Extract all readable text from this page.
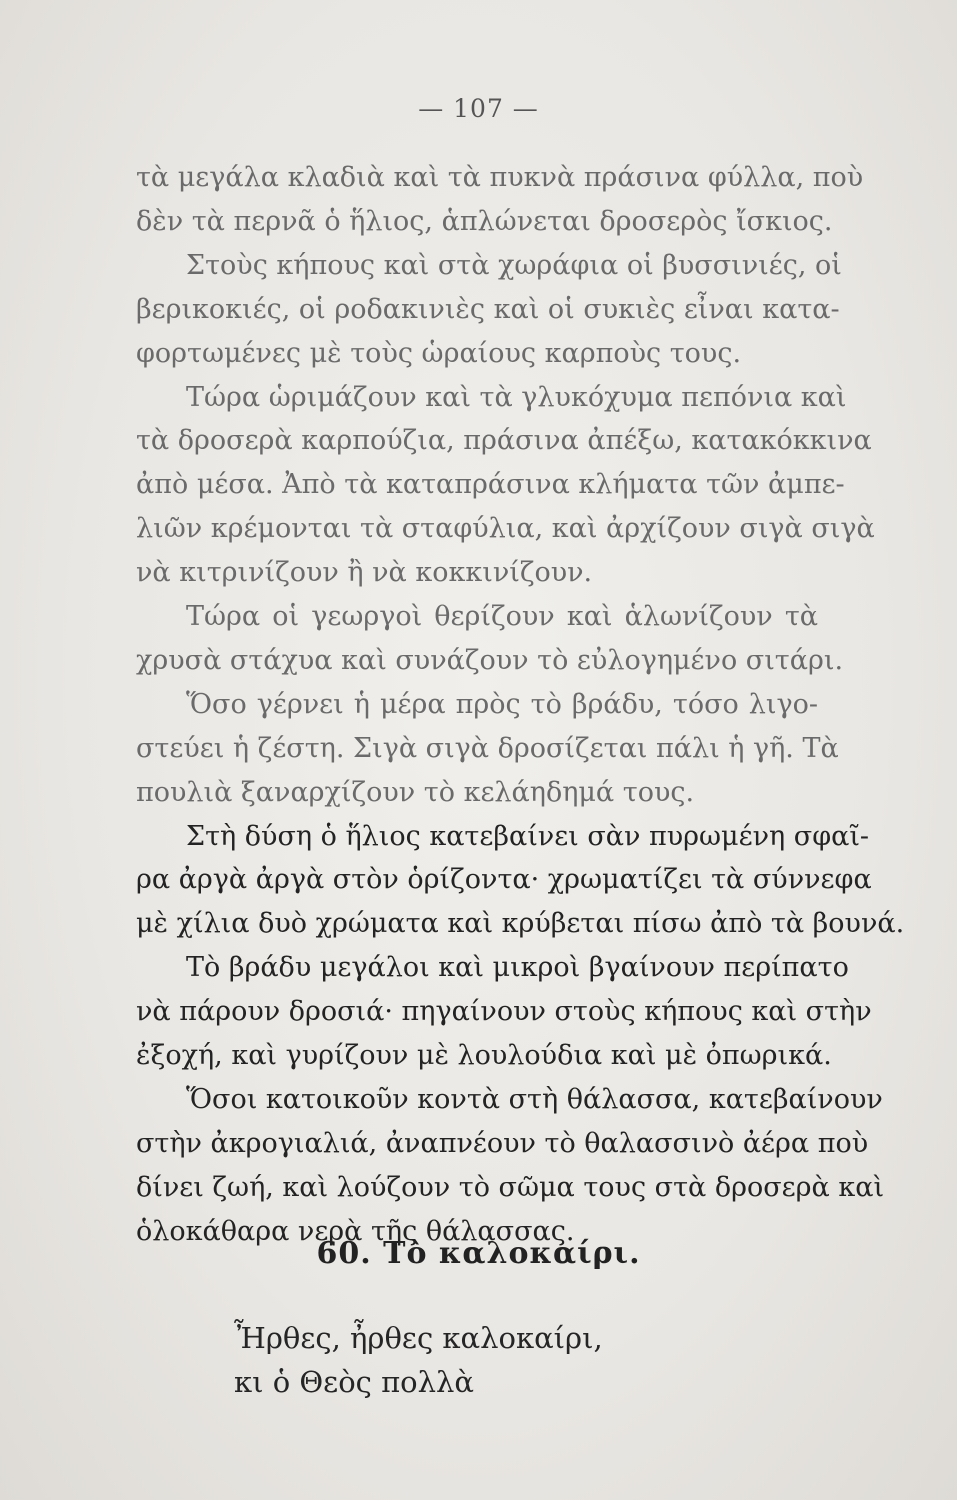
— 107 —
τὰ μεγάλα κλαδιὰ καὶ τὰ πυκνὰ πράσινα φύλλα, ποὺ
δὲν τὰ περνᾶ ὁ ἥλιος, ἁπλώνεται δροσερὸς ἴσκιος.
Στοὺς κήπους καὶ στὰ χωράφια οἱ βυσσινιές, οἱ
βερικοκιές, οἱ ροδακινιὲς καὶ οἱ συκιὲς εἶναι κατα-
φορτωμένες μὲ τοὺς ὡραίους καρποὺς τους.
Τώρα ὡριμάζουν καὶ τὰ γλυκόχυμα πεπόνια καὶ
τὰ δροσερὰ καρπούζια, πράσινα ἀπέξω, κατακόκκινα
ἀπὸ μέσα. Ἀπὸ τὰ καταπράσινα κλήματα τῶν ἀμπε-
λιῶν κρέμονται τὰ σταφύλια, καὶ ἀρχίζουν σιγὰ σιγὰ
νὰ κιτρινίζουν ἢ νὰ κοκκινίζουν.
Τώρα οἱ γεωργοὶ θερίζουν καὶ ἁλωνίζουν τὰ
χρυσὰ στάχυα καὶ συνάζουν τὸ εὐλογημένο σιτάρι.
Ὅσο γέρνει ἡ μέρα πρὸς τὸ βράδυ, τόσο λιγο-
στεύει ἡ ζέστη. Σιγὰ σιγὰ δροσίζεται πάλι ἡ γῆ. Τὰ
πουλιὰ ξαναρχίζουν τὸ κελάηδημά τους.
Στὴ δύση ὁ ἥλιος κατεβαίνει σὰν πυρωμένη σφαῖ-
ρα ἀργὰ ἀργὰ στὸν ὁρίζοντα· χρωματίζει τὰ σύννεφα
μὲ χίλια δυὸ χρώματα καὶ κρύβεται πίσω ἀπὸ τὰ βουνά.
Τὸ βράδυ μεγάλοι καὶ μικροὶ βγαίνουν περίπατο
νὰ πάρουν δροσιά· πηγαίνουν στοὺς κήπους καὶ στὴν
ἐξοχή, καὶ γυρίζουν μὲ λουλούδια καὶ μὲ ὀπωρικά.
Ὅσοι κατοικοῦν κοντὰ στὴ θάλασσα, κατεβαίνουν
στὴν ἀκρογιαλιά, ἀναπνέουν τὸ θαλασσινὸ ἀέρα ποὺ
δίνει ζωή, καὶ λούζουν τὸ σῶμα τους στὰ δροσερὰ καὶ
ὁλοκάθαρα νερὰ τῆς θάλασσας.
60. Τὸ καλοκαίρι.
Ἦρθες, ἦρθες καλοκαίρι,
κι ὁ Θεὸς πολλὰ
